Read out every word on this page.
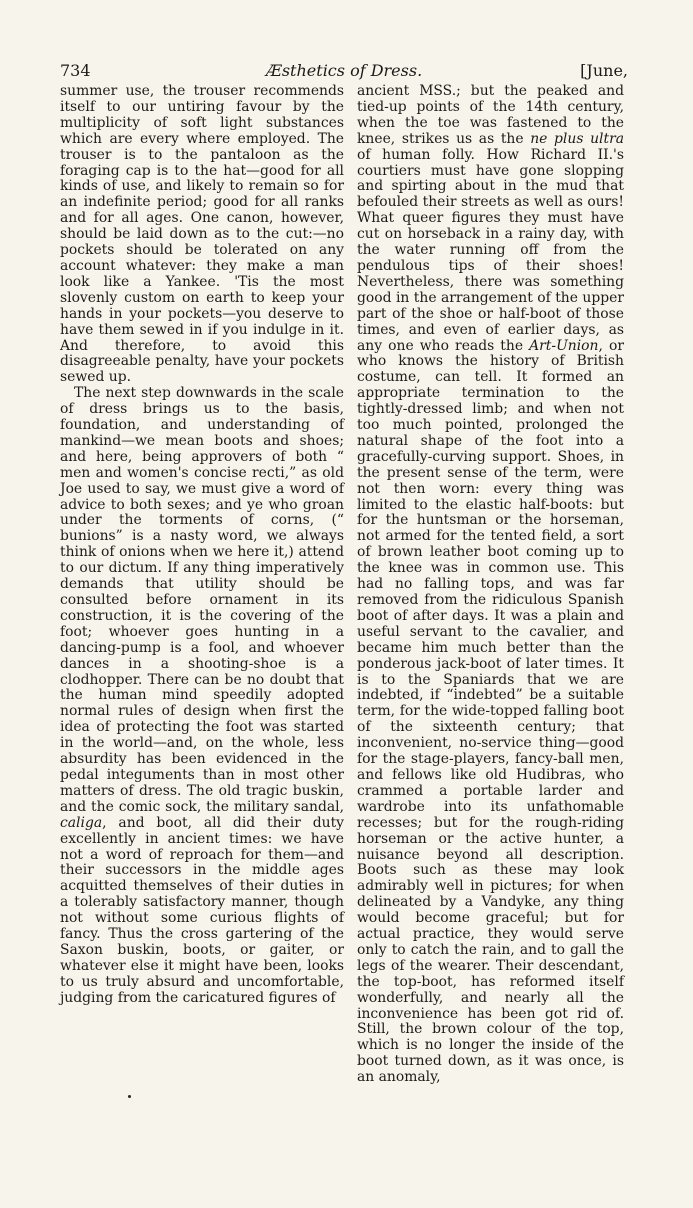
734	Æsthetics of Dress.	[June,

summer use, the trouser recommends itself to our untiring favour by the multiplicity of soft light substances which are every where employed. The trouser is to the pantaloon as the foraging cap is to the hat—good for all kinds of use, and likely to remain so for an indefinite period; good for all ranks and for all ages. One canon, however, should be laid down as to the cut:—no pockets should be tolerated on any account whatever: they make a man look like a Yankee. 'Tis the most slovenly custom on earth to keep your hands in your pockets—you deserve to have them sewed in if you indulge in it. And therefore, to avoid this disagreeable penalty, have your pockets sewed up.

The next step downwards in the scale of dress brings us to the basis, foundation, and understanding of mankind—we mean boots and shoes; and here, being approvers of both “ men and women's concise recti,” as old Joe used to say, we must give a word of advice to both sexes; and ye who groan under the torments of corns, (“ bunions” is a nasty word, we always think of onions when we here it,) attend to our dictum. If any thing imperatively demands that utility should be consulted before ornament in its construction, it is the covering of the foot; whoever goes hunting in a dancing-pump is a fool, and whoever dances in a shooting-shoe is a clodhopper. There can be no doubt that the human mind speedily adopted normal rules of design when first the idea of protecting the foot was started in the world—and, on the whole, less absurdity has been evidenced in the pedal integuments than in most other matters of dress. The old tragic buskin, and the comic sock, the military sandal, caliga, and boot, all did their duty excellently in ancient times: we have not a word of reproach for them—and their successors in the middle ages acquitted themselves of their duties in a tolerably satisfactory manner, though not without some curious flights of fancy. Thus the cross gartering of the Saxon buskin, boots, or gaiter, or whatever else it might have been, looks to us truly absurd and uncomfortable, judging from the caricatured figures of

ancient MSS.; but the peaked and tied-up points of the 14th century, when the toe was fastened to the knee, strikes us as the ne plus ultra of human folly. How Richard II.'s courtiers must have gone slopping and spirting about in the mud that befouled their streets as well as ours! What queer figures they must have cut on horseback in a rainy day, with the water running off from the pendulous tips of their shoes! Nevertheless, there was something good in the arrangement of the upper part of the shoe or half-boot of those times, and even of earlier days, as any one who reads the Art-Union, or who knows the history of British costume, can tell. It formed an appropriate termination to the tightly-dressed limb; and when not too much pointed, prolonged the natural shape of the foot into a gracefully-curving support. Shoes, in the present sense of the term, were not then worn: every thing was limited to the elastic half-boots: but for the huntsman or the horseman, not armed for the tented field, a sort of brown leather boot coming up to the knee was in common use. This had no falling tops, and was far removed from the ridiculous Spanish boot of after days. It was a plain and useful servant to the cavalier, and became him much better than the ponderous jack-boot of later times. It is to the Spaniards that we are indebted, if “indebted” be a suitable term, for the wide-topped falling boot of the sixteenth century; that inconvenient, no-service thing—good for the stage-players, fancy-ball men, and fellows like old Hudibras, who crammed a portable larder and wardrobe into its unfathomable recesses; but for the rough-riding horseman or the active hunter, a nuisance beyond all description. Boots such as these may look admirably well in pictures; for when delineated by a Vandyke, any thing would become graceful; but for actual practice, they would serve only to catch the rain, and to gall the legs of the wearer. Their descendant, the top-boot, has reformed itself wonderfully, and nearly all the inconvenience has been got rid of. Still, the brown colour of the top, which is no longer the inside of the boot turned down, as it was once, is an anomaly,
